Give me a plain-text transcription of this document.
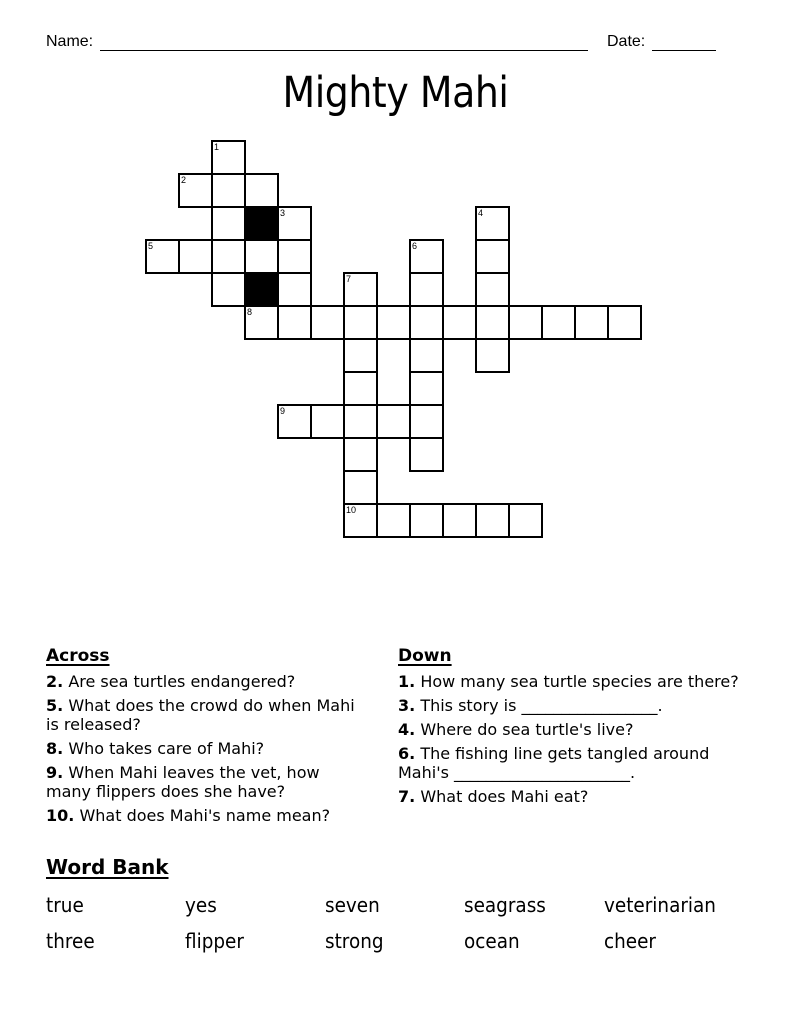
Name:	Date:
Mighty Mahi
1
2
3	4
5	6
7
10
8
9
Across
2. Are sea turtles endangered?
5. What does the crowd do when Mahi is released?
8. Who takes care of Mahi?
9. When Mahi leaves the vet, how many flippers does she have?
10. What does Mahi's name mean?
Down
1. How many sea turtle species are there?
3. This story is _________________.
4. Where do sea turtle's live?
6. The fishing line gets tangled around Mahi's ______________________.
7. What does Mahi eat?
Word Bank
true	yes	seven	seagrass	veterinarian
three	flipper	strong	ocean	cheer
